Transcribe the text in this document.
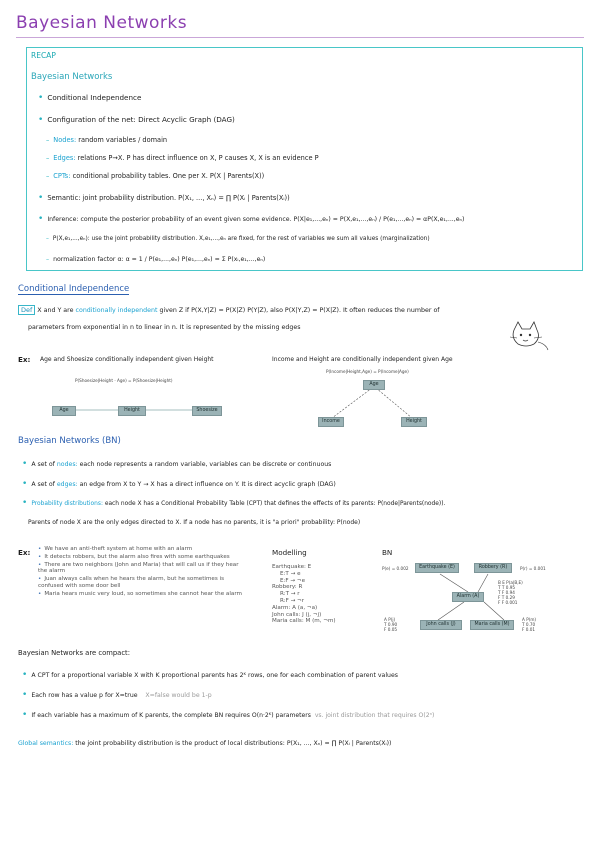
Bayesian Networks
RECAP
Bayesian Networks
• Conditional Independence
• Configuration of the net: Direct Acyclic Graph (DAG)
– Nodes: random variables / domain
– Edges: relations P→X. P has direct influence on X, P causes X, X is an evidence P
– CPTs: conditional probability tables. One per X. P(X | Parents(X))
• Semantic: joint probability distribution. P(X₁, ..., Xₙ) = ∏ P(Xᵢ | Parents(Xᵢ))
• Inference: compute the posterior probability of an event given some evidence. P(X|e₁,...,eₙ) = P(X,e₁,...,eₙ) / P(e₁,...,eₙ) = αP(X,e₁,...,eₙ)
– P(X,e₁,...,eₙ): use the joint probability distribution. X,e₁,...,eₙ are fixed, for the rest of variables we sum all values (marginalization)
– normalization factor α: α = 1 / P(e₁,...,eₙ) P(e₁,...,eₙ) = Σ P(xᵢ,e₁,...,eₙ)
Conditional Independence
Def X and Y are conditionally independent given Z if P(X,Y|Z) = P(X|Z) P(Y|Z), also P(X|Y,Z) = P(X|Z). It often reduces the number of
parameters from exponential in n to linear in n. It is represented by the missing edges
Ex: Age and Shoesize conditionally independent given Height
P(Shoesize|Height · Age) = P(Shoesize|Height)
Age	Height	Shoesize
Income and Height are conditionally independent given Age
P(Income|Height,Age) = P(Income|Age)
Age
Income	Height
Bayesian Networks (BN)
• A set of nodes: each node represents a random variable, variables can be discrete or continuous
• A set of edges: an edge from X to Y → X has a direct influence on Y. It is direct acyclic graph (DAG)
• Probability distributions: each node X has a Conditional Probability Table (CPT) that defines the effects of its parents: P(node|Parents(node)).
Parents of node X are the only edges directed to X. If a node has no parents, it is "a priori" probability: P(node)
Ex: • We have an anti-theft system at home with an alarm
• It detects robbers, but the alarm also fires with some earthquakes
• There are two neighbors (John and Maria) that will call us if they hear the alarm
• Juan always calls when he hears the alarm, but he sometimes is confused with some door bell
• Maria hears music very loud, so sometimes she cannot hear the alarm
Modelling
Earthquake: E
E:T → e
E:F → ¬e
Robbery: R
R:T → r
R:F → ¬r
Alarm: A (a, ¬a)
John calls: J (j, ¬j)
Maria calls: M (m, ¬m)
BN
P(e) = 0.002	Earthquake (E)	Robbery (R)	P(r) = 0.001
Alarm (A)
B E P(a|B,E)
T T 0.95
T F 0.94
F T 0.29
F F 0.001
A P(j)
T 0.90
F 0.05
John calls (J)	Maria calls (M)
A P(m)
T 0.70
F 0.01
Bayesian Networks are compact:
• A CPT for a proportional variable X with K proportional parents has 2ᴷ rows, one for each combination of parent values
• Each row has a value p for X=true X=false would be 1-p
• If each variable has a maximum of K parents, the complete BN requires O(n·2ᴷ) parameters vs. joint distribution that requires O(2ⁿ)
Global semantics: the joint probability distribution is the product of local distributions: P(X₁, ..., Xₙ) = ∏ P(Xᵢ | Parents(Xᵢ))
